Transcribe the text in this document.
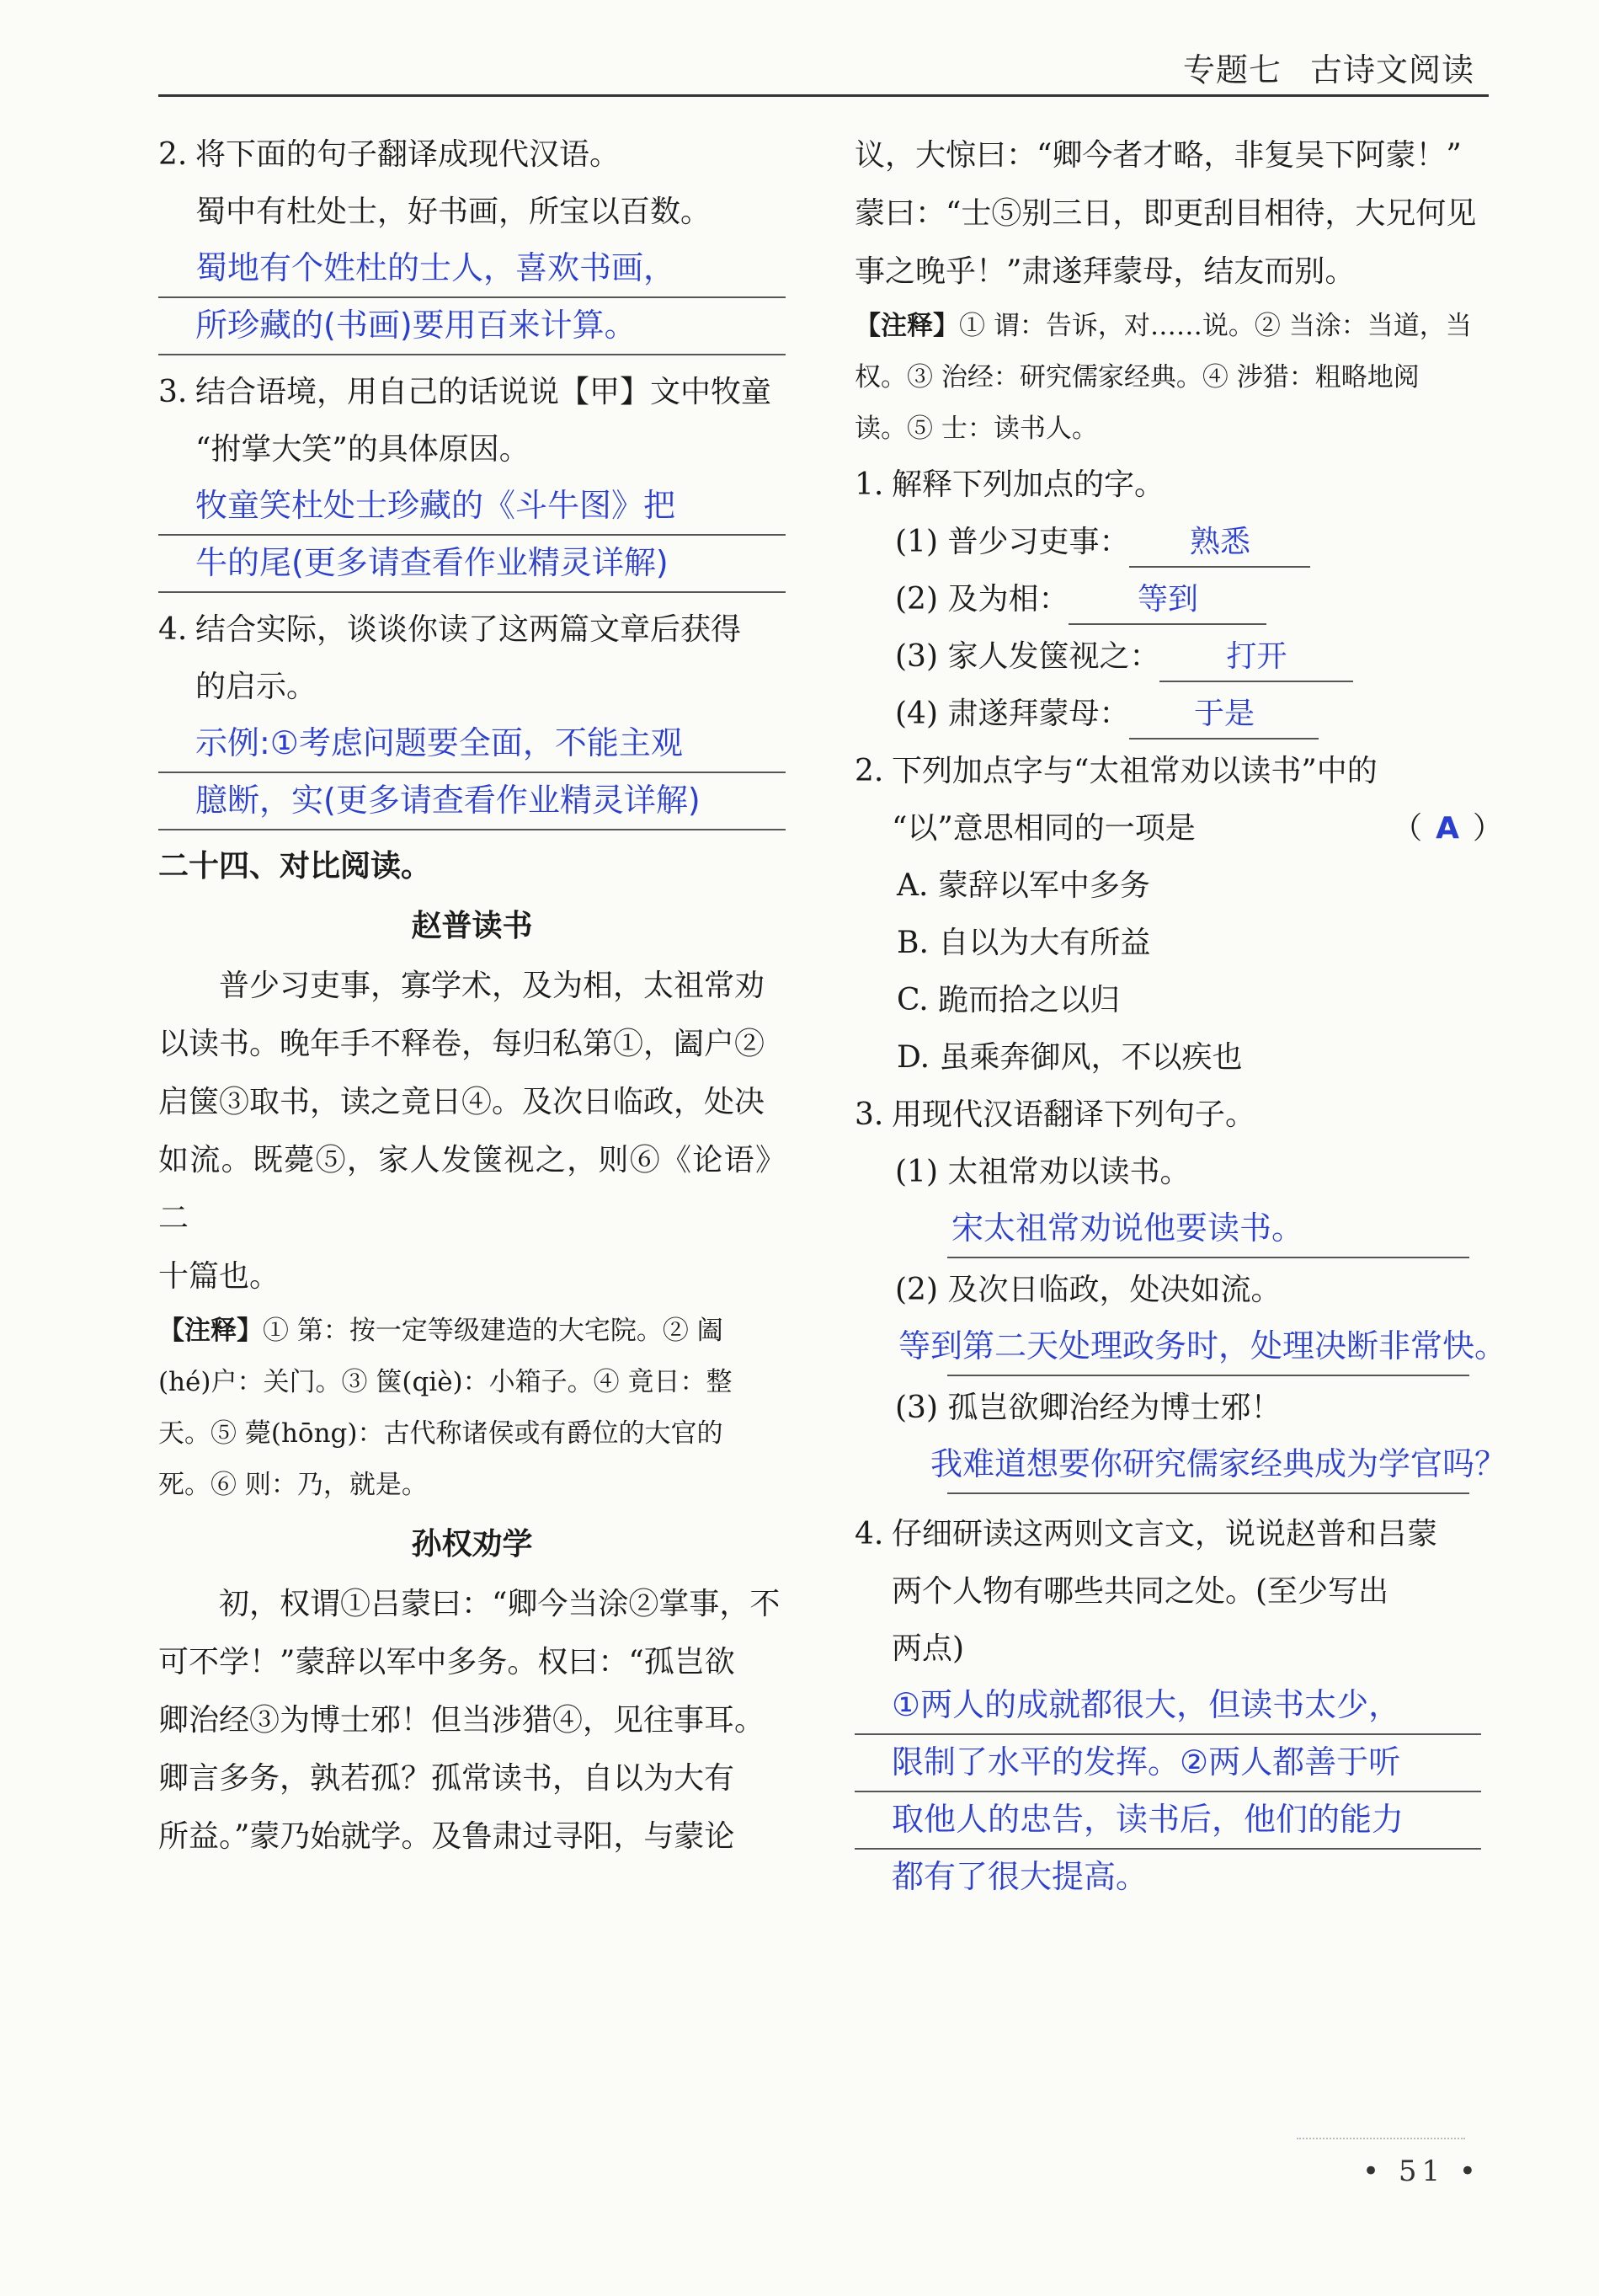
专题七 古诗文阅读
2. 将下面的句子翻译成现代汉语。
蜀中有杜处士，好书画，所宝以百数。
蜀地有个姓杜的士人，喜欢书画，
所珍藏的(书画)要用百来计算。
3. 结合语境，用自己的话说说【甲】文中牧童
“拊掌大笑”的具体原因。
牧童笑杜处士珍藏的《斗牛图》把
牛的尾(更多请查看作业精灵详解)
4. 结合实际，谈谈你读了这两篇文章后获得
的启示。
示例:①考虑问题要全面，不能主观
臆断，实(更多请查看作业精灵详解)
二十四、对比阅读。
赵普读书
普少习吏事，寡学术，及为相，太祖常劝
以读书。晚年手不释卷，每归私第①，阖户②
启箧③取书，读之竟日④。及次日临政，处决
如流。既薨⑤，家人发箧视之，则⑥《论语》二
十篇也。
【注释】① 第：按一定等级建造的大宅院。② 阖
(hé)户：关门。③ 箧(qiè)：小箱子。④ 竟日：整
天。⑤ 薨(hōng)：古代称诸侯或有爵位的大官的
死。⑥ 则：乃，就是。
孙权劝学
初，权谓①吕蒙曰：“卿今当涂②掌事，不
可不学！”蒙辞以军中多务。权曰：“孤岂欲
卿治经③为博士邪！但当涉猎④，见往事耳。
卿言多务，孰若孤？孤常读书，自以为大有
所益。”蒙乃始就学。及鲁肃过寻阳，与蒙论
议，大惊曰：“卿今者才略，非复吴下阿蒙！”
蒙曰：“士⑤别三日，即更刮目相待，大兄何见
事之晚乎！”肃遂拜蒙母，结友而别。
【注释】① 谓：告诉，对……说。② 当涂：当道，当
权。③ 治经：研究儒家经典。④ 涉猎：粗略地阅
读。⑤ 士：读书人。
1. 解释下列加点的字。
(1) 普少习吏事： 熟悉
(2) 及为相： 等到
(3) 家人发箧视之： 打开
(4) 肃遂拜蒙母： 于是
2. 下列加点字与“太祖常劝以读书”中的
“以”意思相同的一项是	（ A ）
A. 蒙辞以军中多务
B. 自以为大有所益
C. 跪而拾之以归
D. 虽乘奔御风，不以疾也
3. 用现代汉语翻译下列句子。
(1) 太祖常劝以读书。
宋太祖常劝说他要读书。
(2) 及次日临政，处决如流。
等到第二天处理政务时，处理决断非常快。
(3) 孤岂欲卿治经为博士邪！
我难道想要你研究儒家经典成为学官吗？
4. 仔细研读这两则文言文，说说赵普和吕蒙
两个人物有哪些共同之处。(至少写出
两点)
①两人的成就都很大，但读书太少，
限制了水平的发挥。②两人都善于听
取他人的忠告，读书后，他们的能力
都有了很大提高。
• 51 •
